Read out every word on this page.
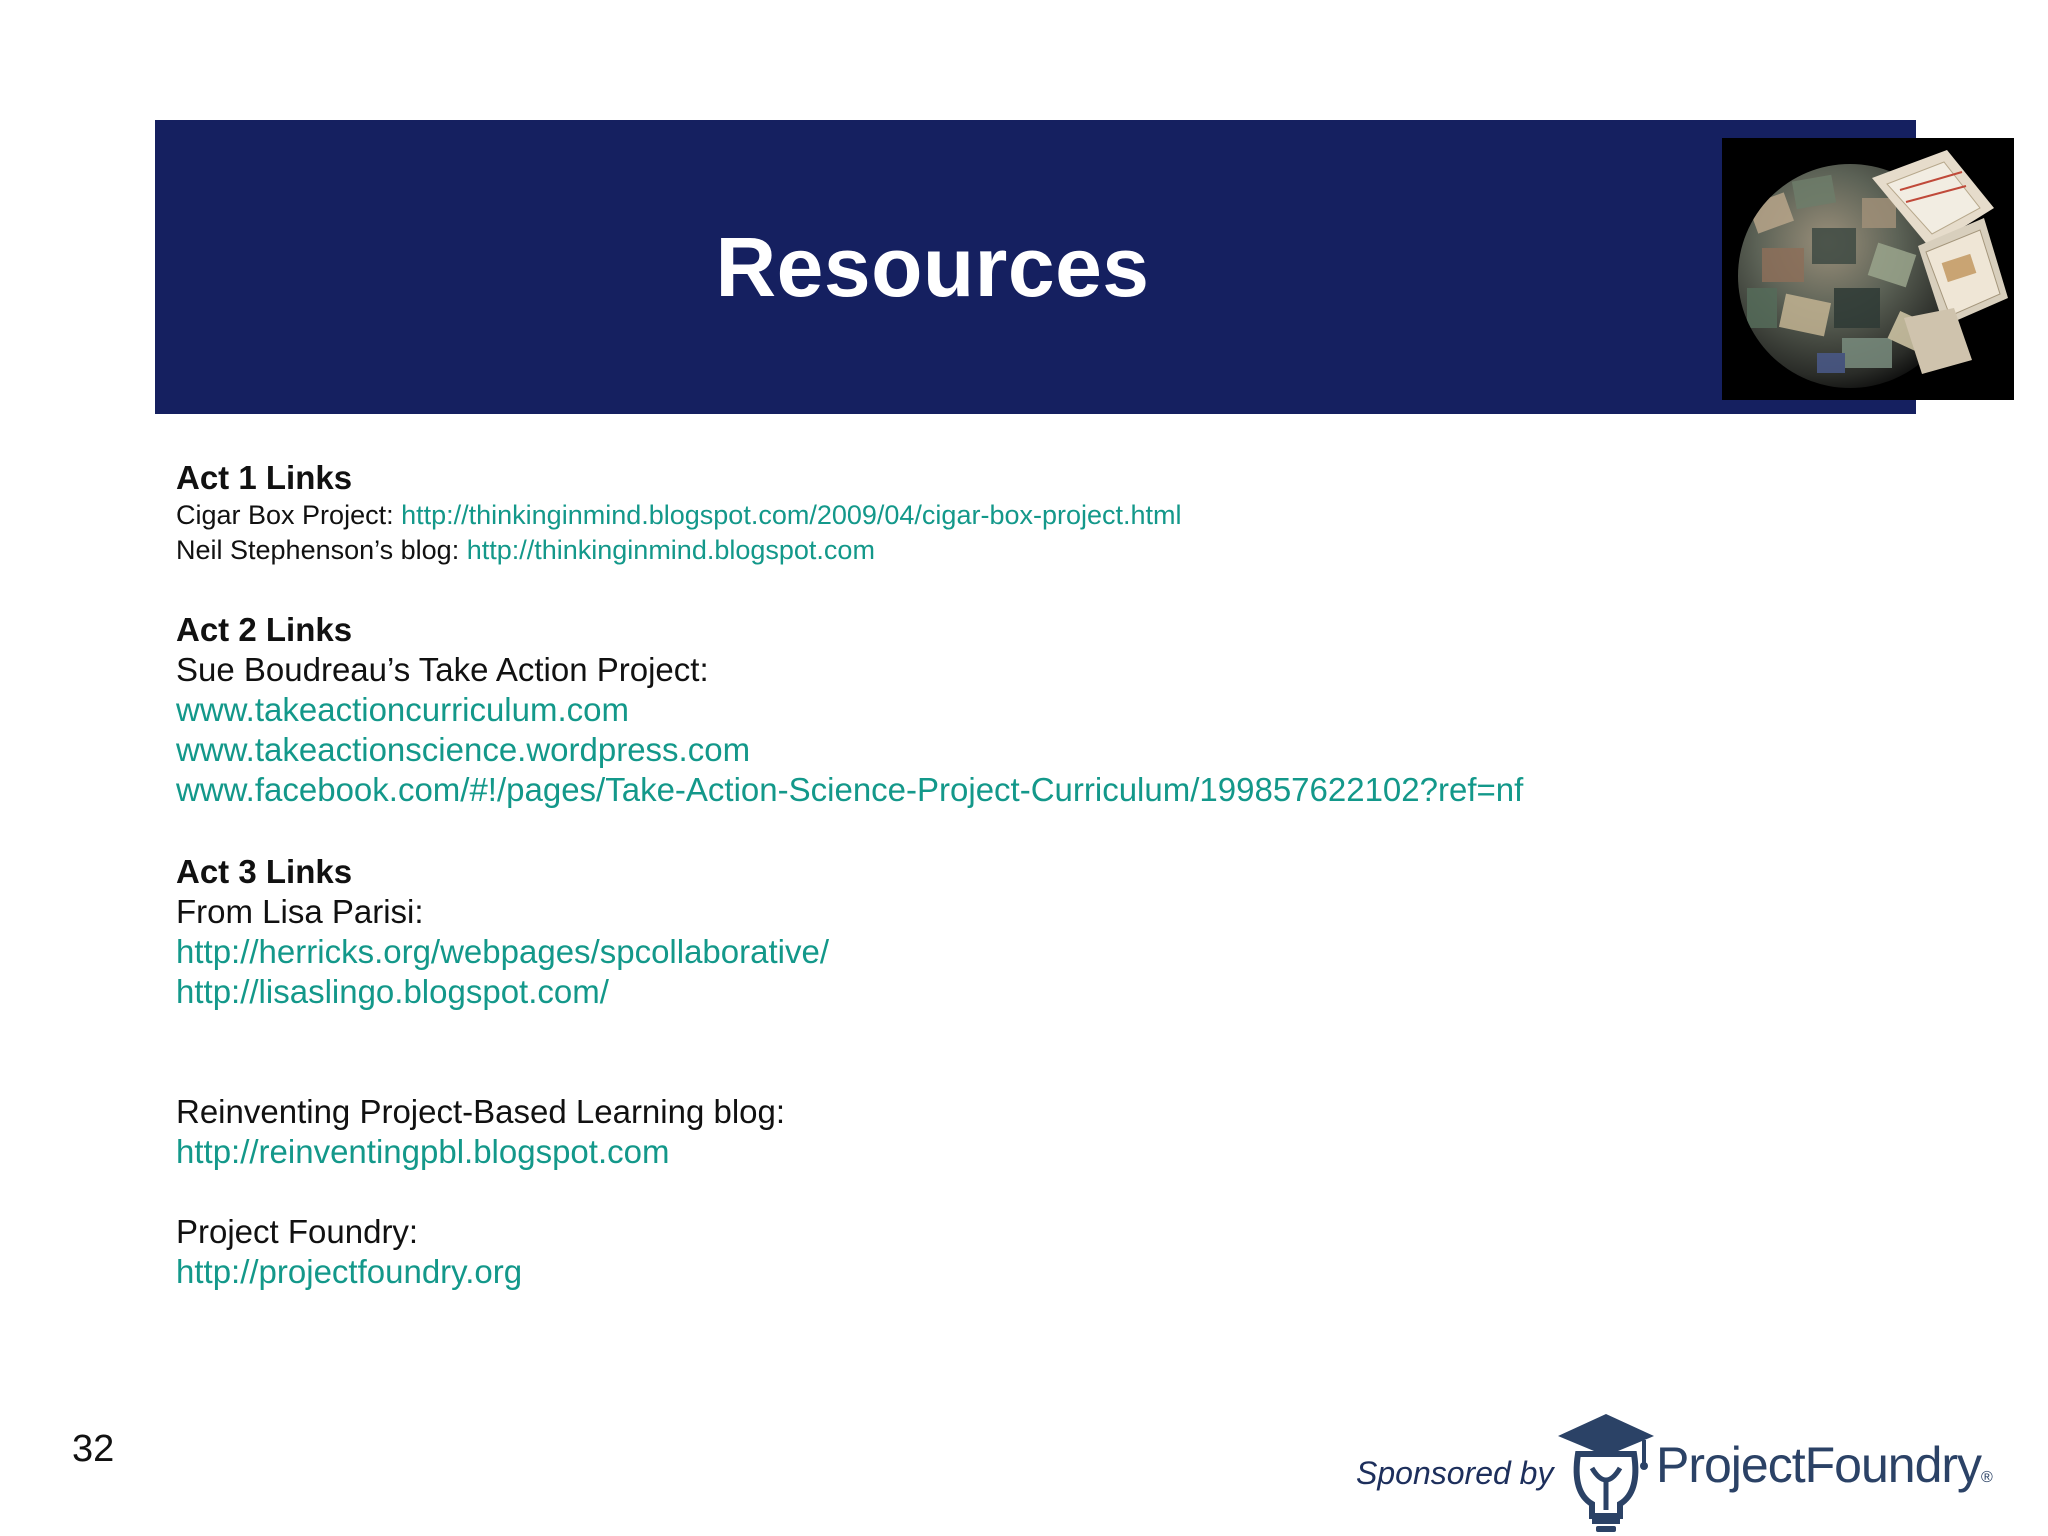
Resources
Act 1 Links
Cigar Box Project: http://thinkinginmind.blogspot.com/2009/04/cigar-box-project.html
Neil Stephenson’s blog: http://thinkinginmind.blogspot.com
Act 2 Links
Sue Boudreau’s Take Action Project:
www.takeactioncurriculum.com
www.takeactionscience.wordpress.com
www.facebook.com/#!/pages/Take-Action-Science-Project-Curriculum/199857622102?ref=nf
Act 3 Links
From Lisa Parisi:
http://herricks.org/webpages/spcollaborative/
http://lisaslingo.blogspot.com/
Reinventing Project-Based Learning blog:
http://reinventingpbl.blogspot.com
Project Foundry:
http://projectfoundry.org
32
Sponsored by ProjectFoundry®
